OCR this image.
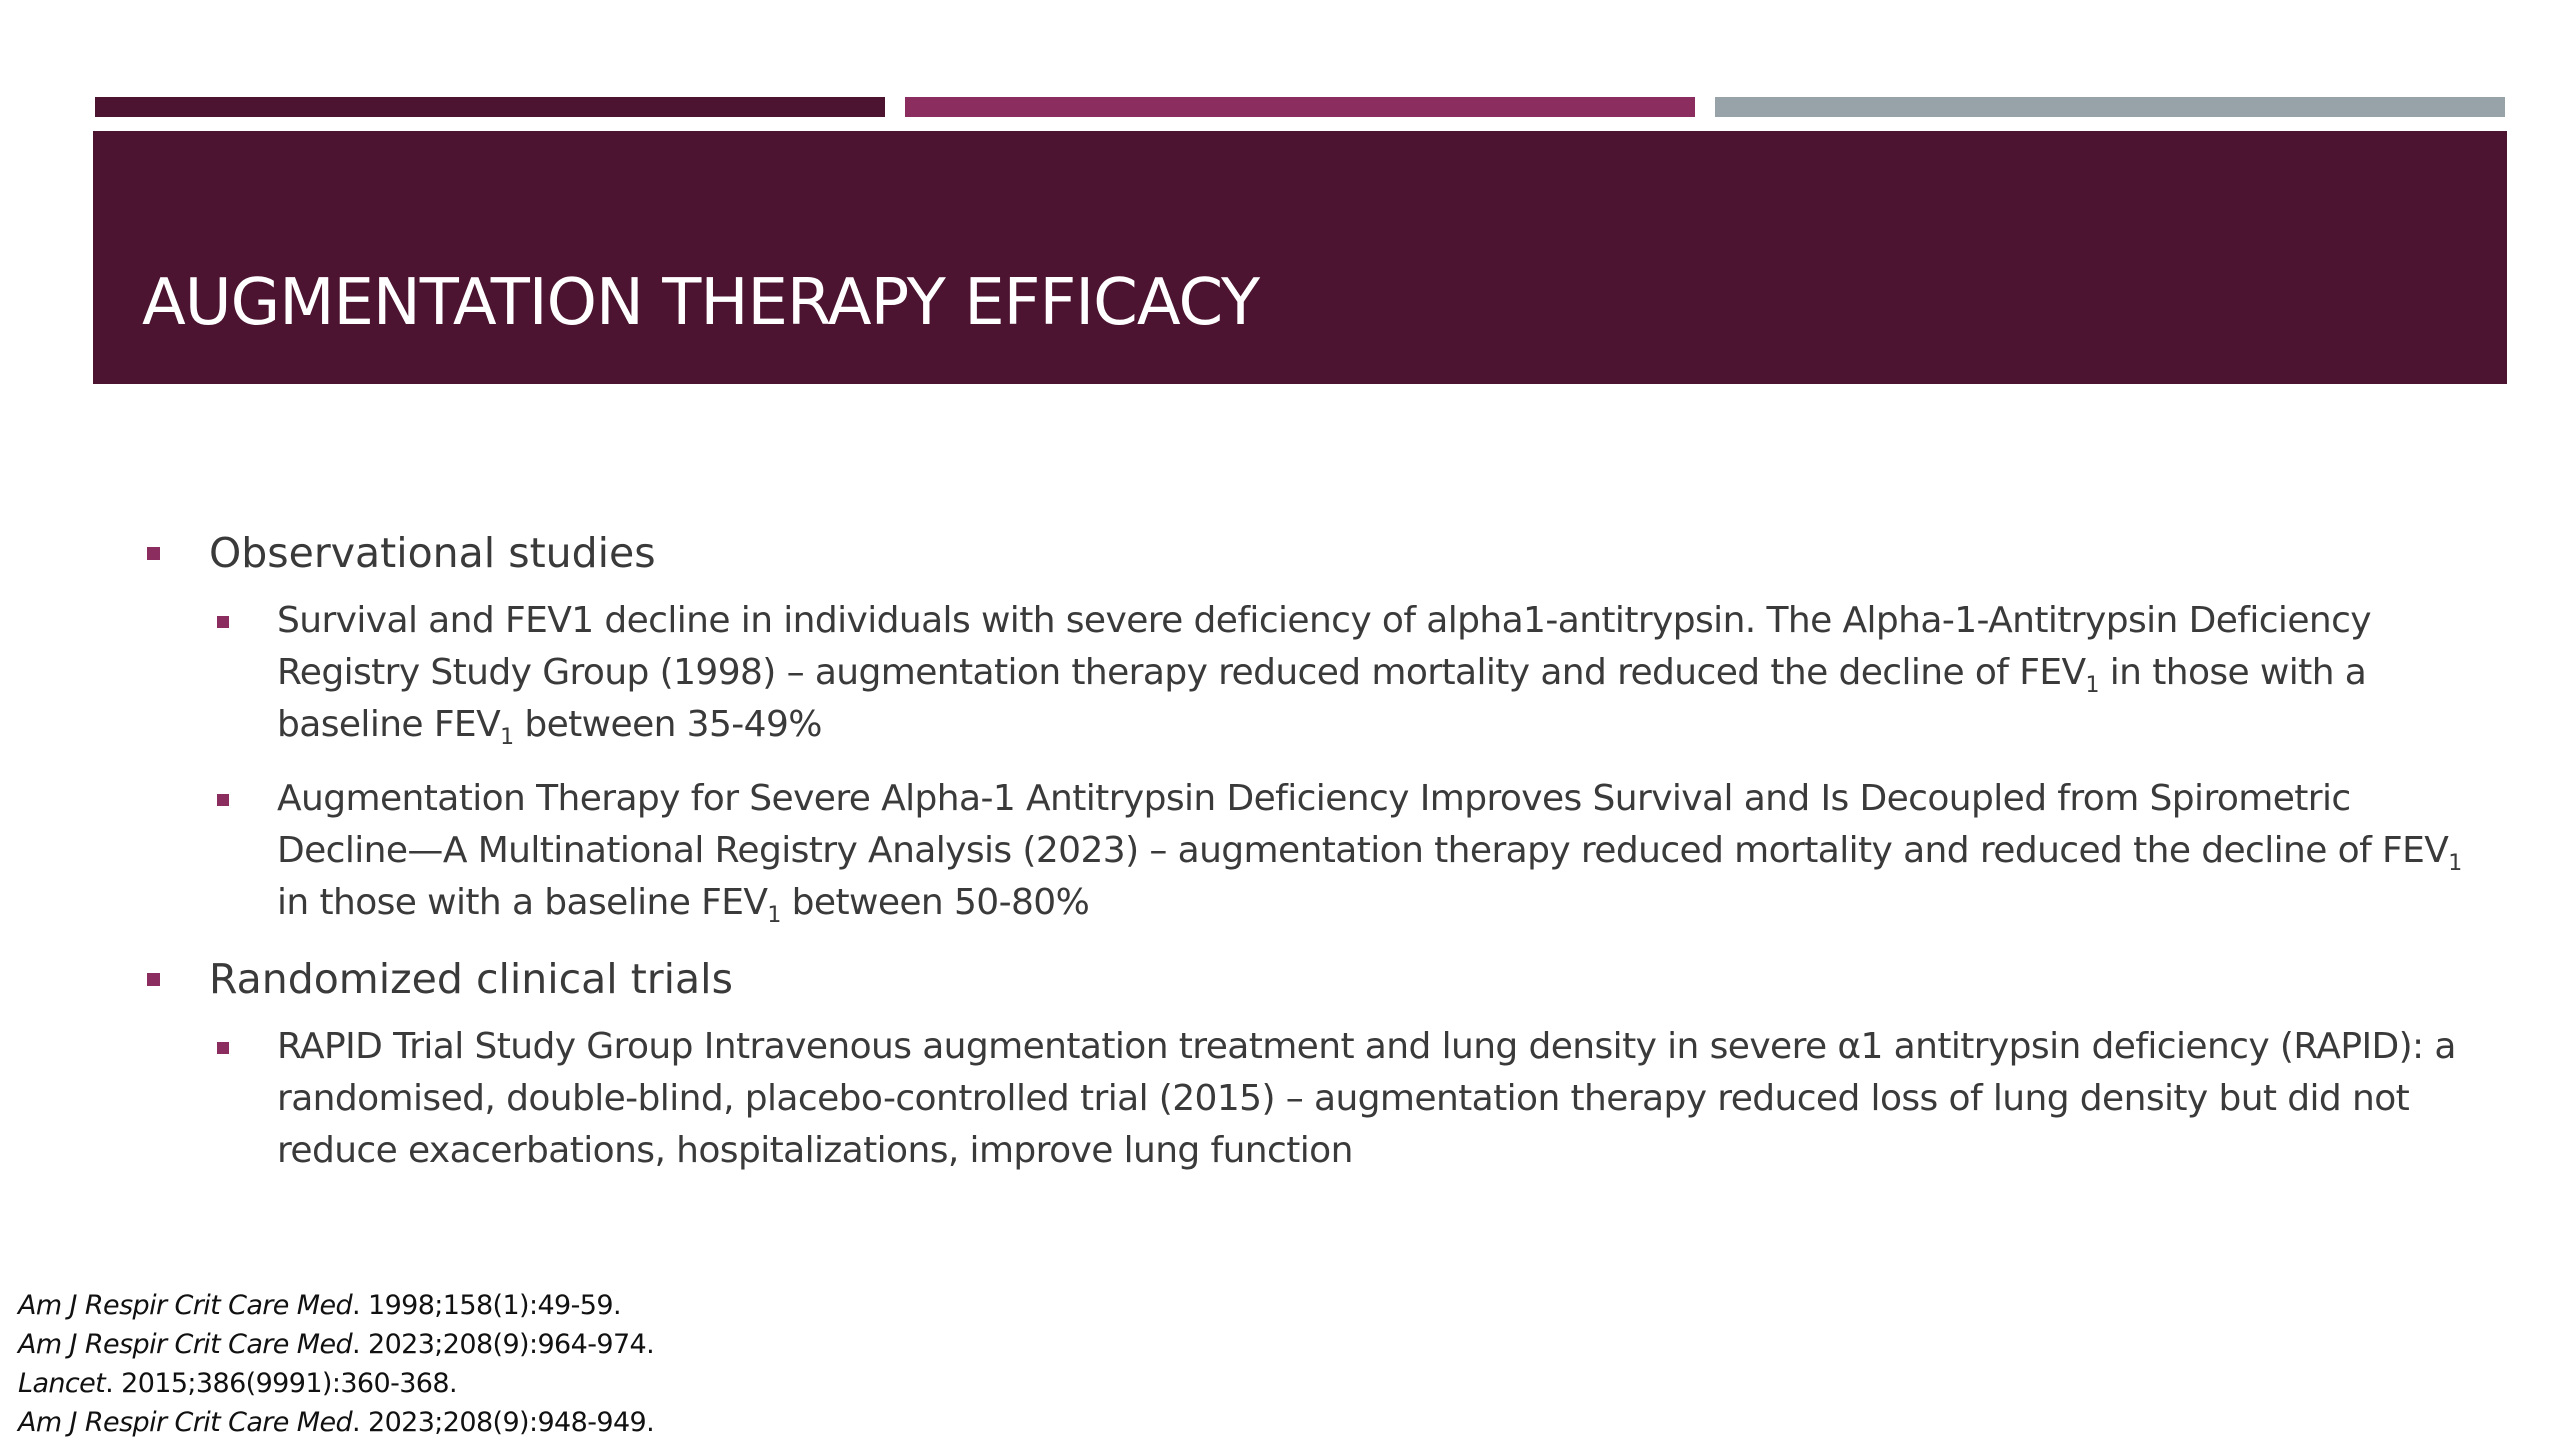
AUGMENTATION THERAPY EFFICACY
Observational studies
Survival and FEV1 decline in individuals with severe deficiency of alpha1-antitrypsin. The Alpha-1-Antitrypsin Deficiency Registry Study Group (1998) – augmentation therapy reduced mortality and reduced the decline of $FEV_1$ in those with a baseline $FEV_1$ between 35-49%
Augmentation Therapy for Severe Alpha-1 Antitrypsin Deficiency Improves Survival and Is Decoupled from Spirometric Decline—A Multinational Registry Analysis (2023) – augmentation therapy reduced mortality and reduced the decline of $FEV_1$ in those with a baseline $FEV_1$ between 50-80%
Randomized clinical trials
RAPID Trial Study Group Intravenous augmentation treatment and lung density in severe α1 antitrypsin deficiency (RAPID): a randomised, double-blind, placebo-controlled trial (2015) – augmentation therapy reduced loss of lung density but did not reduce exacerbations, hospitalizations, improve lung function
Am J Respir Crit Care Med. 1998;158(1):49-59.
Am J Respir Crit Care Med. 2023;208(9):964-974.
Lancet. 2015;386(9991):360-368.
Am J Respir Crit Care Med. 2023;208(9):948-949.
